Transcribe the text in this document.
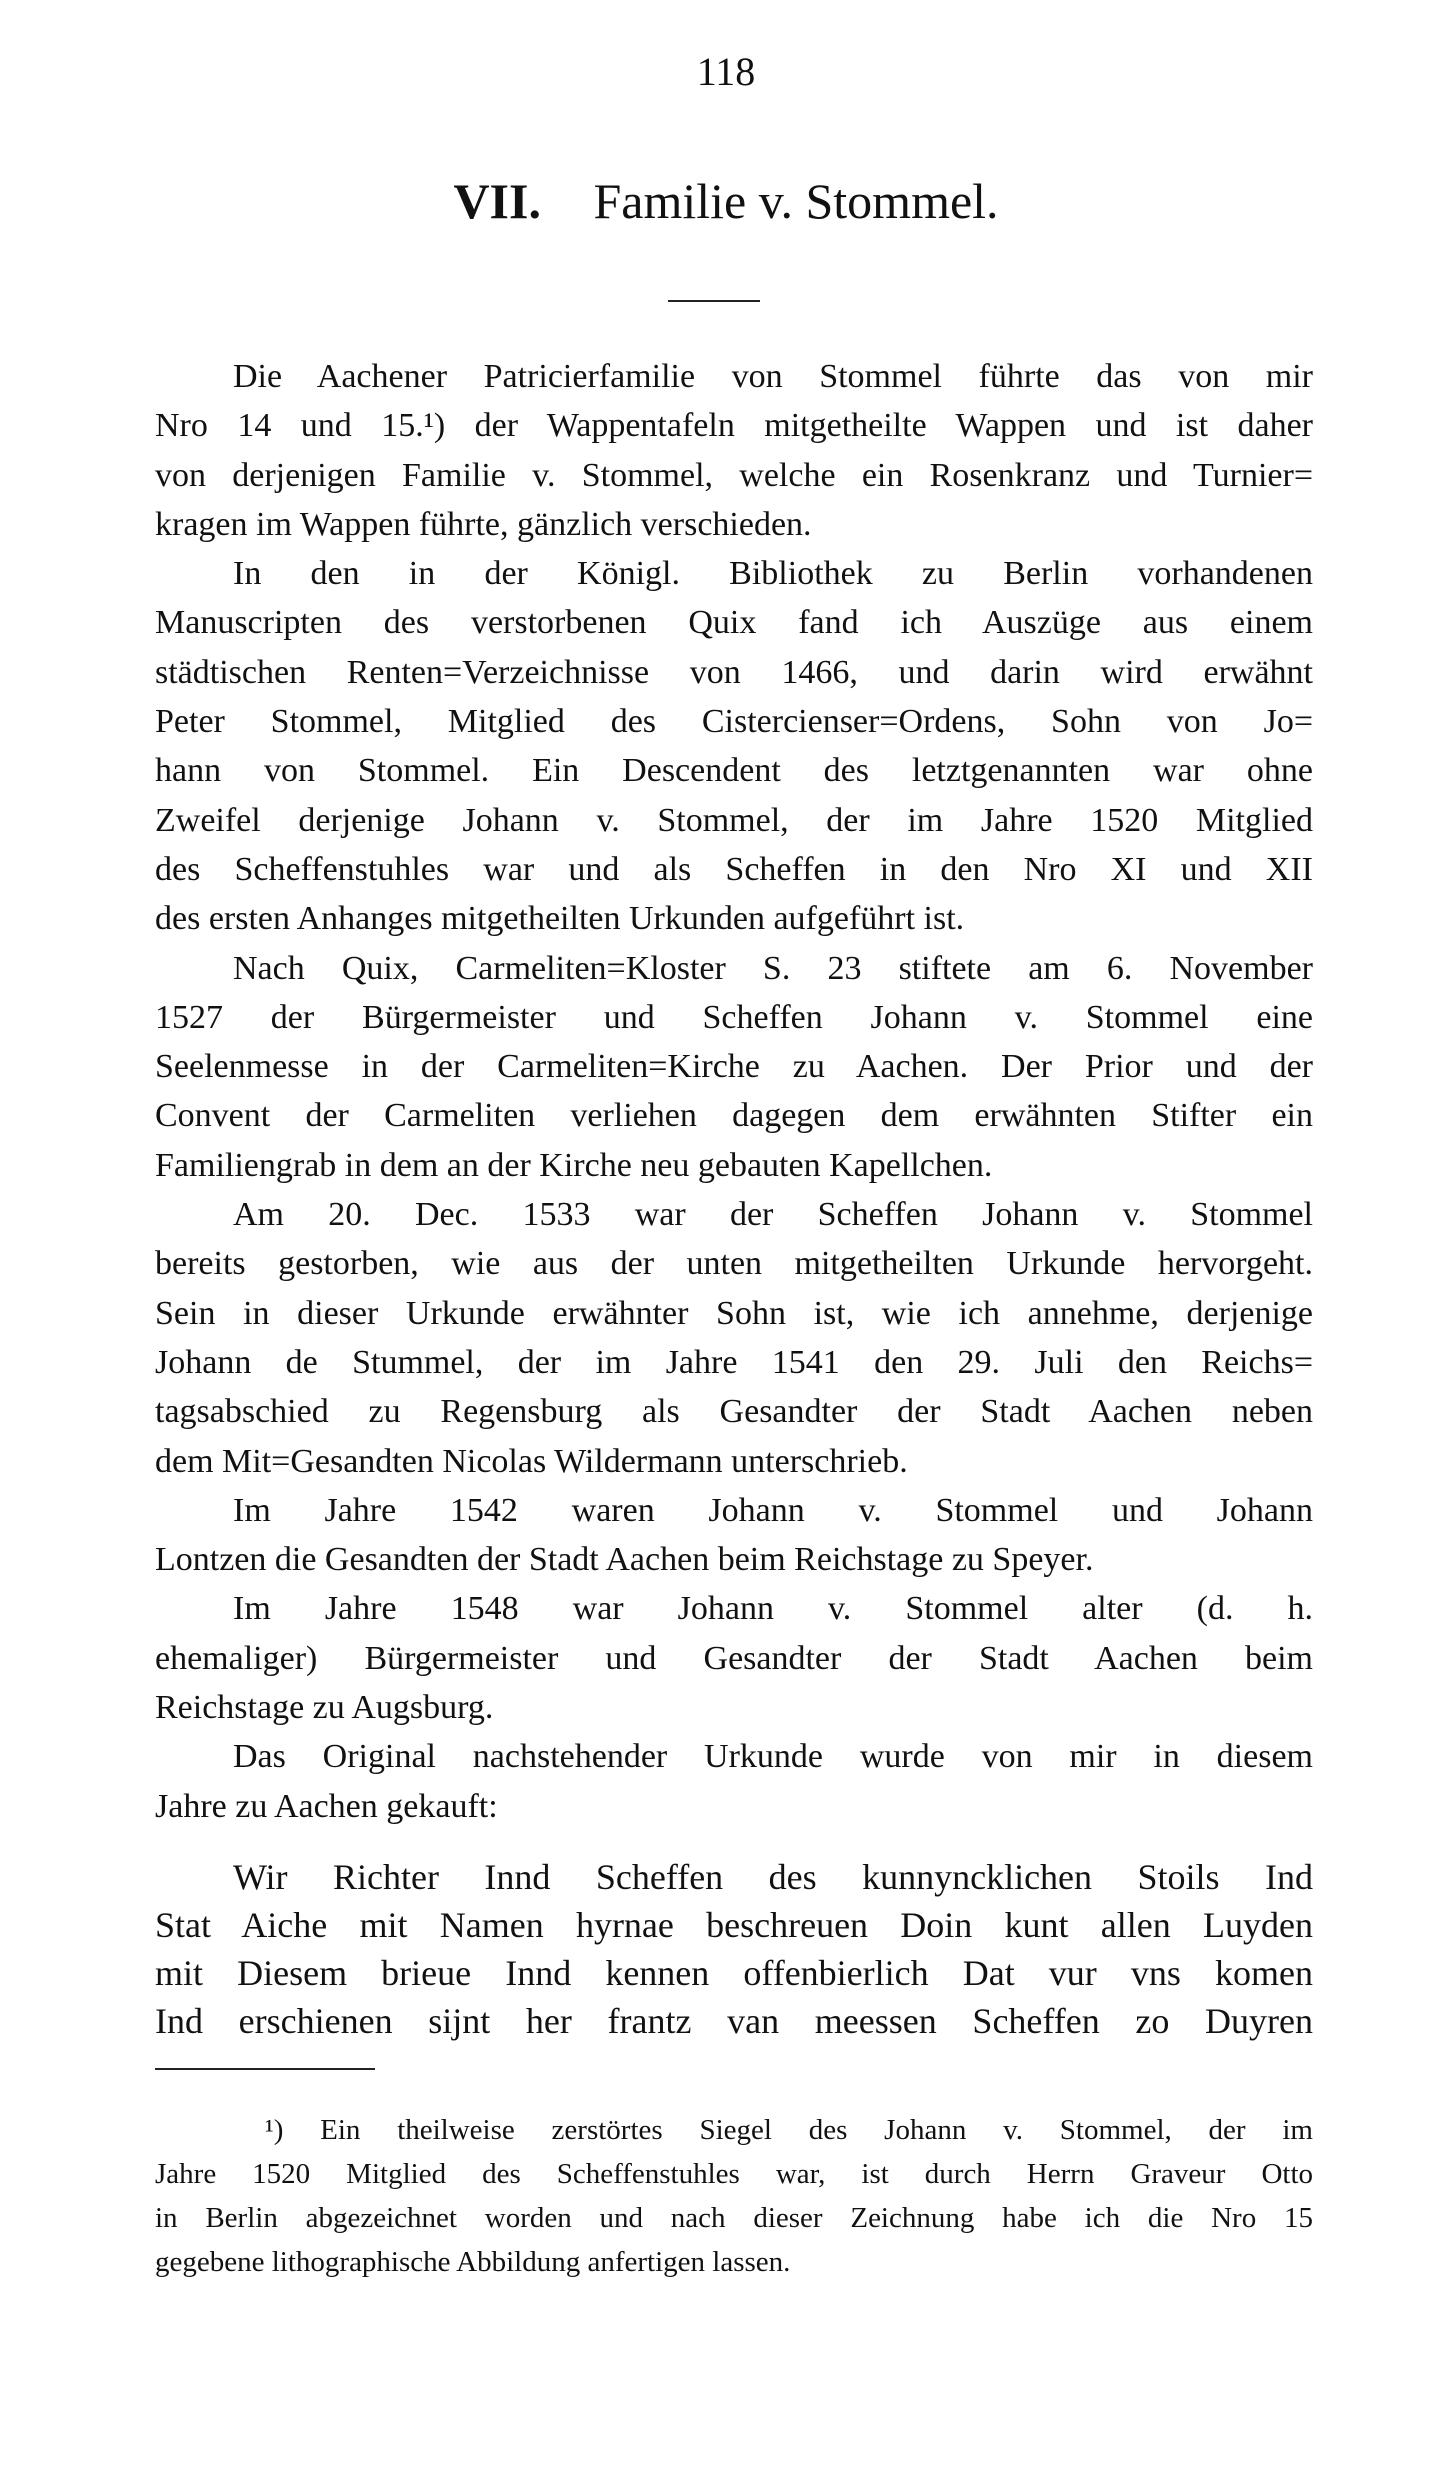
118
VII. Familie v. Stommel.
Die Aachener Patricierfamilie von Stommel führte das von mir
Nro 14 und 15.¹) der Wappentafeln mitgetheilte Wappen und ist daher
von derjenigen Familie v. Stommel, welche ein Rosenkranz und Turnier=
kragen im Wappen führte, gänzlich verschieden.
In den in der Königl. Bibliothek zu Berlin vorhandenen
Manuscripten des verstorbenen Quix fand ich Auszüge aus einem
städtischen Renten=Verzeichnisse von 1466, und darin wird erwähnt
Peter Stommel, Mitglied des Cistercienser=Ordens, Sohn von Jo=
hann von Stommel. Ein Descendent des letztgenannten war ohne
Zweifel derjenige Johann v. Stommel, der im Jahre 1520 Mitglied
des Scheffenstuhles war und als Scheffen in den Nro XI und XII
des ersten Anhanges mitgetheilten Urkunden aufgeführt ist.
Nach Quix, Carmeliten=Kloster S. 23 stiftete am 6. November
1527 der Bürgermeister und Scheffen Johann v. Stommel eine
Seelenmesse in der Carmeliten=Kirche zu Aachen. Der Prior und der
Convent der Carmeliten verliehen dagegen dem erwähnten Stifter ein
Familiengrab in dem an der Kirche neu gebauten Kapellchen.
Am 20. Dec. 1533 war der Scheffen Johann v. Stommel
bereits gestorben, wie aus der unten mitgetheilten Urkunde hervorgeht.
Sein in dieser Urkunde erwähnter Sohn ist, wie ich annehme, derjenige
Johann de Stummel, der im Jahre 1541 den 29. Juli den Reichs=
tagsabschied zu Regensburg als Gesandter der Stadt Aachen neben
dem Mit=Gesandten Nicolas Wildermann unterschrieb.
Im Jahre 1542 waren Johann v. Stommel und Johann
Lontzen die Gesandten der Stadt Aachen beim Reichstage zu Speyer.
Im Jahre 1548 war Johann v. Stommel alter (d. h.
ehemaliger) Bürgermeister und Gesandter der Stadt Aachen beim
Reichstage zu Augsburg.
Das Original nachstehender Urkunde wurde von mir in diesem
Jahre zu Aachen gekauft:
Wir Richter Innd Scheffen des kunnyncklichen Stoils Ind
Stat Aiche mit Namen hyrnae beschreuen Doin kunt allen Luyden
mit Diesem brieue Innd kennen offenbierlich Dat vur vns komen
Ind erschienen sijnt her frantz van meessen Scheffen zo Duyren
¹) Ein theilweise zerstörtes Siegel des Johann v. Stommel, der im
Jahre 1520 Mitglied des Scheffenstuhles war, ist durch Herrn Graveur Otto
in Berlin abgezeichnet worden und nach dieser Zeichnung habe ich die Nro 15
gegebene lithographische Abbildung anfertigen lassen.
